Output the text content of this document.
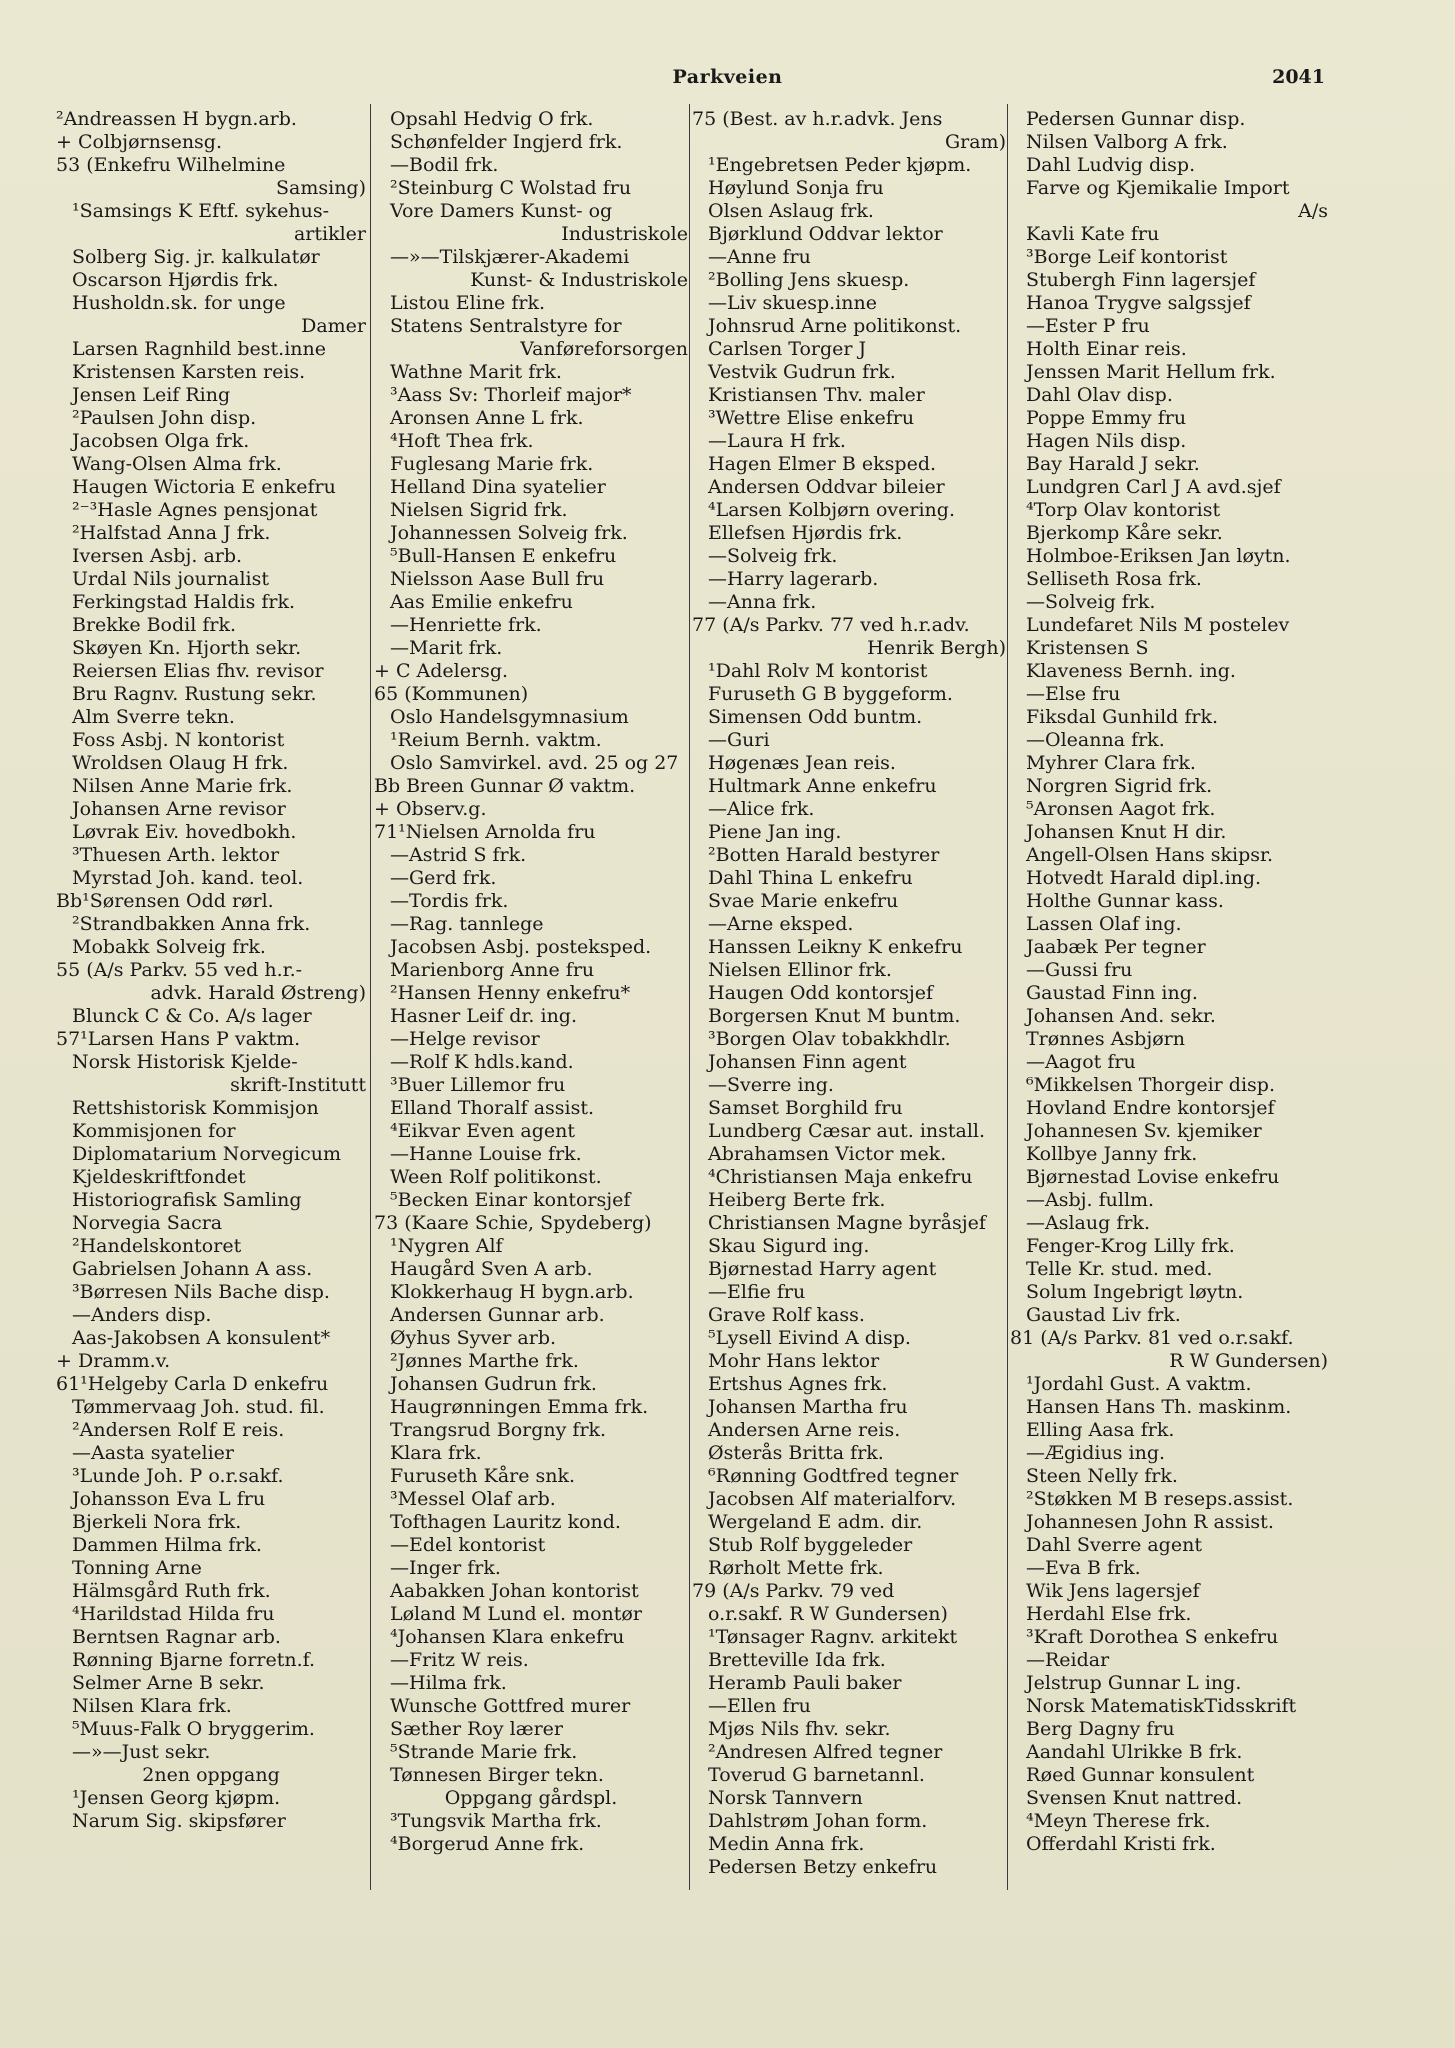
Parkveien	2041
²Andreassen H bygn.arb.
+ Colbjørnsensg.
53 (Enkefru Wilhelmine
Samsing)
¹Samsings K Eftf. sykehus-
artikler
Solberg Sig. jr. kalkulatør
Oscarson Hjørdis frk.
Husholdn.sk. for unge
Damer
Larsen Ragnhild best.inne
Kristensen Karsten reis.
Jensen Leif Ring
²Paulsen John disp.
Jacobsen Olga frk.
Wang-Olsen Alma frk.
Haugen Wictoria E enkefru
²⁻³Hasle Agnes pensjonat
²Halfstad Anna J frk.
Iversen Asbj. arb.
Urdal Nils journalist
Ferkingstad Haldis frk.
Brekke Bodil frk.
Skøyen Kn. Hjorth sekr.
Reiersen Elias fhv. revisor
Bru Ragnv. Rustung sekr.
Alm Sverre tekn.
Foss Asbj. N kontorist
Wroldsen Olaug H frk.
Nilsen Anne Marie frk.
Johansen Arne revisor
Løvrak Eiv. hovedbokh.
³Thuesen Arth. lektor
Myrstad Joh. kand. teol.
Bb¹Sørensen Odd rørl.
²Strandbakken Anna frk.
Mobakk Solveig frk.
55 (A/s Parkv. 55 ved h.r.-
advk. Harald Østreng)
Blunck C & Co. A/s lager
57¹Larsen Hans P vaktm.
Norsk Historisk Kjelde-
skrift-Institutt
Rettshistorisk Kommisjon
Kommisjonen for
Diplomatarium Norvegicum
Kjeldeskriftfondet
Historiografisk Samling
Norvegia Sacra
²Handelskontoret
Gabrielsen Johann A ass.
³Børresen Nils Bache disp.
—Anders disp.
Aas-Jakobsen A konsulent*
+ Dramm.v.
61¹Helgeby Carla D enkefru
Tømmervaag Joh. stud. fil.
²Andersen Rolf E reis.
—Aasta syatelier
³Lunde Joh. P o.r.sakf.
Johansson Eva L fru
Bjerkeli Nora frk.
Dammen Hilma frk.
Tonning Arne
Hälmsgård Ruth frk.
⁴Harildstad Hilda fru
Berntsen Ragnar arb.
Rønning Bjarne forretn.f.
Selmer Arne B sekr.
Nilsen Klara frk.
⁵Muus-Falk O bryggerim.
—»—Just sekr.
2nen oppgang
¹Jensen Georg kjøpm.
Narum Sig. skipsfører
Opsahl Hedvig O frk.
Schønfelder Ingjerd frk.
—Bodil frk.
²Steinburg C Wolstad fru
Vore Damers Kunst- og
Industriskole
—»—Tilskjærer-Akademi
Kunst- & Industriskole
Listou Eline frk.
Statens Sentralstyre for
Vanføreforsorgen
Wathne Marit frk.
³Aass Sv: Thorleif major*
Aronsen Anne L frk.
⁴Hoft Thea frk.
Fuglesang Marie frk.
Helland Dina syatelier
Nielsen Sigrid frk.
Johannessen Solveig frk.
⁵Bull-Hansen E enkefru
Nielsson Aase Bull fru
Aas Emilie enkefru
—Henriette frk.
—Marit frk.
+ C Adelersg.
65 (Kommunen)
Oslo Handelsgymnasium
¹Reium Bernh. vaktm.
Oslo Samvirkel. avd. 25 og 27
Bb Breen Gunnar Ø vaktm.
+ Observ.g.
71¹Nielsen Arnolda fru
—Astrid S frk.
—Gerd frk.
—Tordis frk.
—Rag. tannlege
Jacobsen Asbj. posteksped.
Marienborg Anne fru
²Hansen Henny enkefru*
Hasner Leif dr. ing.
—Helge revisor
—Rolf K hdls.kand.
³Buer Lillemor fru
Elland Thoralf assist.
⁴Eikvar Even agent
—Hanne Louise frk.
Ween Rolf politikonst.
⁵Becken Einar kontorsjef
73 (Kaare Schie, Spydeberg)
¹Nygren Alf
Haugård Sven A arb.
Klokkerhaug H bygn.arb.
Andersen Gunnar arb.
Øyhus Syver arb.
²Jønnes Marthe frk.
Johansen Gudrun frk.
Haugrønningen Emma frk.
Trangsrud Borgny frk.
Klara frk.
Furuseth Kåre snk.
³Messel Olaf arb.
Tofthagen Lauritz kond.
—Edel kontorist
—Inger frk.
Aabakken Johan kontorist
Løland M Lund el. montør
⁴Johansen Klara enkefru
—Fritz W reis.
—Hilma frk.
Wunsche Gottfred murer
Sæther Roy lærer
⁵Strande Marie frk.
Tønnesen Birger tekn.
Oppgang gårdspl.
³Tungsvik Martha frk.
⁴Borgerud Anne frk.
75 (Best. av h.r.advk. Jens
Gram)
¹Engebretsen Peder kjøpm.
Høylund Sonja fru
Olsen Aslaug frk.
Bjørklund Oddvar lektor
—Anne fru
²Bolling Jens skuesp.
—Liv skuesp.inne
Johnsrud Arne politikonst.
Carlsen Torger J
Vestvik Gudrun frk.
Kristiansen Thv. maler
³Wettre Elise enkefru
—Laura H frk.
Hagen Elmer B eksped.
Andersen Oddvar bileier
⁴Larsen Kolbjørn overing.
Ellefsen Hjørdis frk.
—Solveig frk.
—Harry lagerarb.
—Anna frk.
77 (A/s Parkv. 77 ved h.r.adv.
Henrik Bergh)
¹Dahl Rolv M kontorist
Furuseth G B byggeform.
Simensen Odd buntm.
—Guri
Høgenæs Jean reis.
Hultmark Anne enkefru
—Alice frk.
Piene Jan ing.
²Botten Harald bestyrer
Dahl Thina L enkefru
Svae Marie enkefru
—Arne eksped.
Hanssen Leikny K enkefru
Nielsen Ellinor frk.
Haugen Odd kontorsjef
Borgersen Knut M buntm.
³Borgen Olav tobakkhdlr.
Johansen Finn agent
—Sverre ing.
Samset Borghild fru
Lundberg Cæsar aut. install.
Abrahamsen Victor mek.
⁴Christiansen Maja enkefru
Heiberg Berte frk.
Christiansen Magne byråsjef
Skau Sigurd ing.
Bjørnestad Harry agent
—Elfie fru
Grave Rolf kass.
⁵Lysell Eivind A disp.
Mohr Hans lektor
Ertshus Agnes frk.
Johansen Martha fru
Andersen Arne reis.
Østerås Britta frk.
⁶Rønning Godtfred tegner
Jacobsen Alf materialforv.
Wergeland E adm. dir.
Stub Rolf byggeleder
Rørholt Mette frk.
79 (A/s Parkv. 79 ved
o.r.sakf. R W Gundersen)
¹Tønsager Ragnv. arkitekt
Bretteville Ida frk.
Heramb Pauli baker
—Ellen fru
Mjøs Nils fhv. sekr.
²Andresen Alfred tegner
Toverud G barnetannl.
Norsk Tannvern
Dahlstrøm Johan form.
Medin Anna frk.
Pedersen Betzy enkefru
Pedersen Gunnar disp.
Nilsen Valborg A frk.
Dahl Ludvig disp.
Farve og Kjemikalie Import
A/s
Kavli Kate fru
³Borge Leif kontorist
Stubergh Finn lagersjef
Hanoa Trygve salgssjef
—Ester P fru
Holth Einar reis.
Jenssen Marit Hellum frk.
Dahl Olav disp.
Poppe Emmy fru
Hagen Nils disp.
Bay Harald J sekr.
Lundgren Carl J A avd.sjef
⁴Torp Olav kontorist
Bjerkomp Kåre sekr.
Holmboe-Eriksen Jan løytn.
Selliseth Rosa frk.
—Solveig frk.
Lundefaret Nils M postelev
Kristensen S
Klaveness Bernh. ing.
—Else fru
Fiksdal Gunhild frk.
—Oleanna frk.
Myhrer Clara frk.
Norgren Sigrid frk.
⁵Aronsen Aagot frk.
Johansen Knut H dir.
Angell-Olsen Hans skipsr.
Hotvedt Harald dipl.ing.
Holthe Gunnar kass.
Lassen Olaf ing.
Jaabæk Per tegner
—Gussi fru
Gaustad Finn ing.
Johansen And. sekr.
Trønnes Asbjørn
—Aagot fru
⁶Mikkelsen Thorgeir disp.
Hovland Endre kontorsjef
Johannesen Sv. kjemiker
Kollbye Janny frk.
Bjørnestad Lovise enkefru
—Asbj. fullm.
—Aslaug frk.
Fenger-Krog Lilly frk.
Telle Kr. stud. med.
Solum Ingebrigt løytn.
Gaustad Liv frk.
81 (A/s Parkv. 81 ved o.r.sakf.
R W Gundersen)
¹Jordahl Gust. A vaktm.
Hansen Hans Th. maskinm.
Elling Aasa frk.
—Ægidius ing.
Steen Nelly frk.
²Støkken M B reseps.assist.
Johannesen John R assist.
Dahl Sverre agent
—Eva B frk.
Wik Jens lagersjef
Herdahl Else frk.
³Kraft Dorothea S enkefru
—Reidar
Jelstrup Gunnar L ing.
Norsk MatematiskTidsskrift
Berg Dagny fru
Aandahl Ulrikke B frk.
Røed Gunnar konsulent
Svensen Knut nattred.
⁴Meyn Therese frk.
Offerdahl Kristi frk.
